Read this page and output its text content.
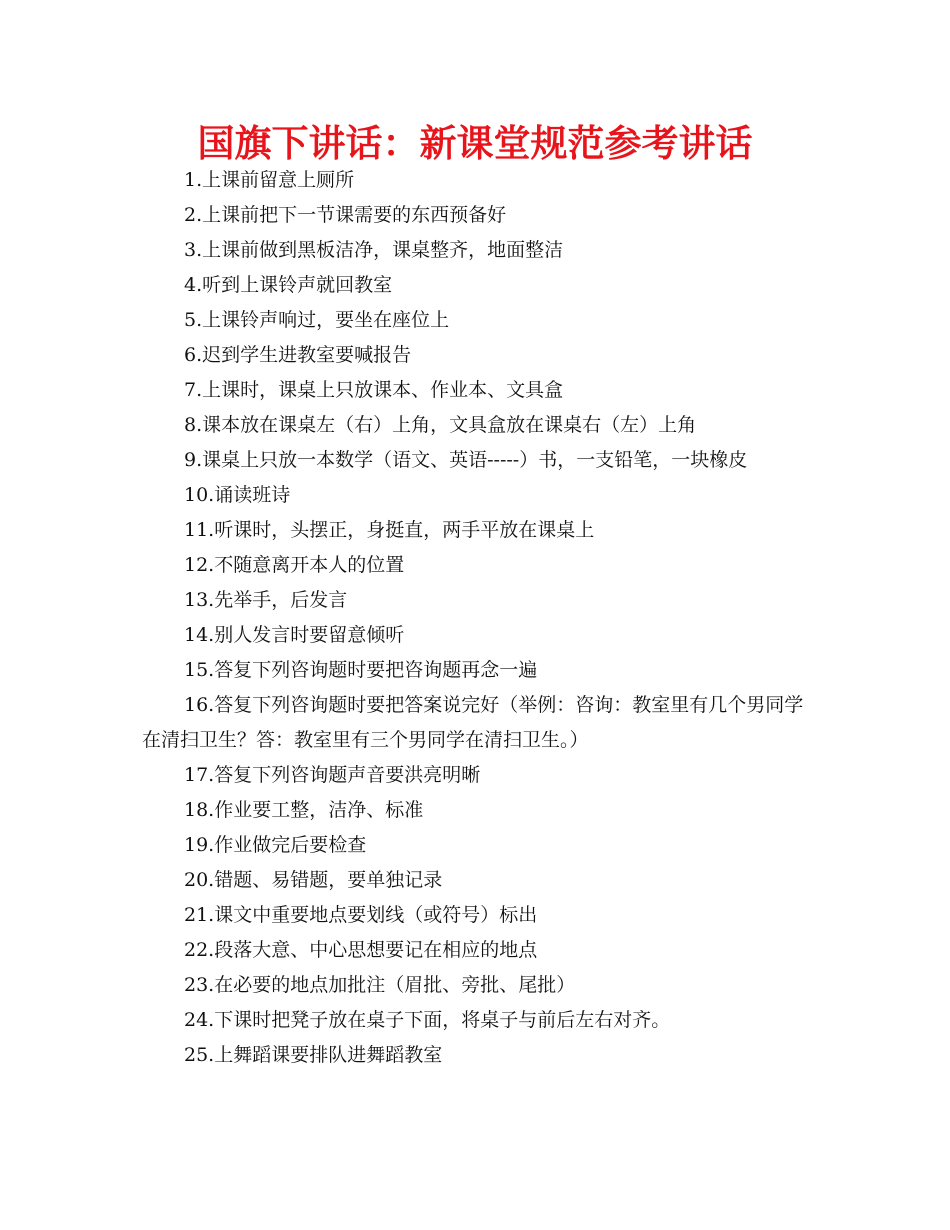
国旗下讲话：新课堂规范参考讲话

1.上课前留意上厕所

2.上课前把下一节课需要的东西预备好

3.上课前做到黑板洁净，课桌整齐，地面整洁

4.听到上课铃声就回教室

5.上课铃声响过，要坐在座位上

6.迟到学生进教室要喊报告

7.上课时，课桌上只放课本、作业本、文具盒

8.课本放在课桌左（右）上角，文具盒放在课桌右（左）上角

9.课桌上只放一本数学（语文、英语-----）书，一支铅笔，一块橡皮

10.诵读班诗

11.听课时，头摆正，身挺直，两手平放在课桌上

12.不随意离开本人的位置

13.先举手，后发言

14.别人发言时要留意倾听

15.答复下列咨询题时要把咨询题再念一遍

16.答复下列咨询题时要把答案说完好（举例：咨询：教室里有几个男同学在清扫卫生？答：教室里有三个男同学在清扫卫生。）

17.答复下列咨询题声音要洪亮明晰

18.作业要工整，洁净、标准

19.作业做完后要检查

20.错题、易错题，要单独记录

21.课文中重要地点要划线（或符号）标出

22.段落大意、中心思想要记在相应的地点

23.在必要的地点加批注（眉批、旁批、尾批）

24.下课时把凳子放在桌子下面，将桌子与前后左右对齐。

25.上舞蹈课要排队进舞蹈教室
